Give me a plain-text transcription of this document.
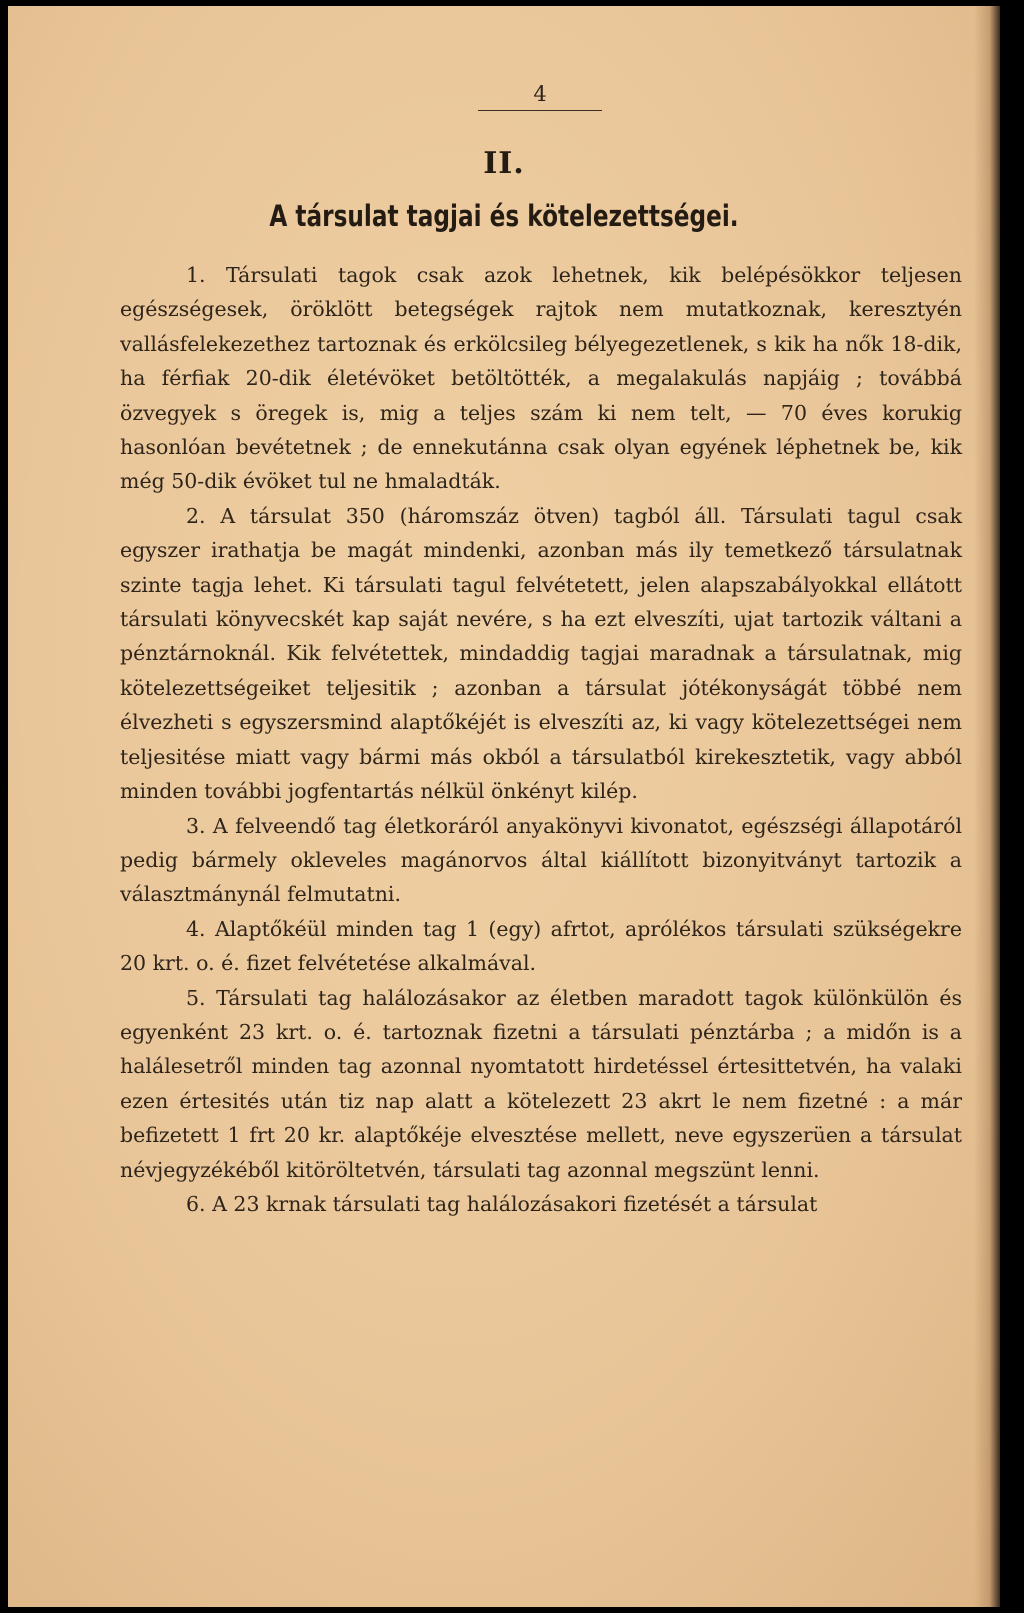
4
II.
A társulat tagjai és kötelezettségei.

1. Társulati tagok csak azok lehetnek, kik belépésökkor teljesen egészségesek, öröklött betegségek rajtok nem mutatkoznak, keresztyén vallásfelekezethez tartoznak és erkölcsileg bélyegezetlenek, s kik ha nők 18-dik, ha férfiak 20-dik életévöket betöltötték, a megalakulás napjáig ; továbbá özvegyek s öregek is, mig a teljes szám ki nem telt, — 70 éves korukig hasonlóan bevétetnek ; de ennekutánna csak olyan egyének léphetnek be, kik még 50-dik évöket tul ne hmaladták.

2. A társulat 350 (háromszáz ötven) tagból áll. Társulati tagul csak egyszer irathatja be magát mindenki, azonban más ily temetkező társulatnak szinte tagja lehet. Ki társulati tagul felvétetett, jelen alapszabályokkal ellátott társulati könyvecskét kap saját nevére, s ha ezt elveszíti, ujat tartozik váltani a pénztárnoknál. Kik felvétettek, mindaddig tagjai maradnak a társulatnak, mig kötelezettségeiket teljesitik ; azonban a társulat jótékonyságát többé nem élvezheti s egyszersmind alaptőkéjét is elveszíti az, ki vagy kötelezettségei nem teljesitése miatt vagy bármi más okból a társulatból kirekesztetik, vagy abból minden további jogfentartás nélkül önkényt kilép.

3. A felveendő tag életkoráról anyakönyvi kivonatot, egészségi állapotáról pedig bármely okleveles magánorvos által kiállított bizonyitványt tartozik a választmánynál felmutatni.

4. Alaptőkéül minden tag 1 (egy) afrtot, aprólékos társulati szükségekre 20 krt. o. é. fizet felvétetése alkalmával.

5. Társulati tag halálozásakor az életben maradott tagok különkülön és egyenként 23 krt. o. é. tartoznak fizetni a társulati pénztárba ; a midőn is a halálesetről minden tag azonnal nyomtatott hirdetéssel értesittetvén, ha valaki ezen értesités után tiz nap alatt a kötelezett 23 akrt le nem fizetné : a már befizetett 1 frt 20 kr. alaptőkéje elvesztése mellett, neve egyszerüen a társulat névjegyzékéből kitöröltetvén, társulati tag azonnal megszünt lenni.

6. A 23 krnak társulati tag halálozásakori fizetését a társulat
